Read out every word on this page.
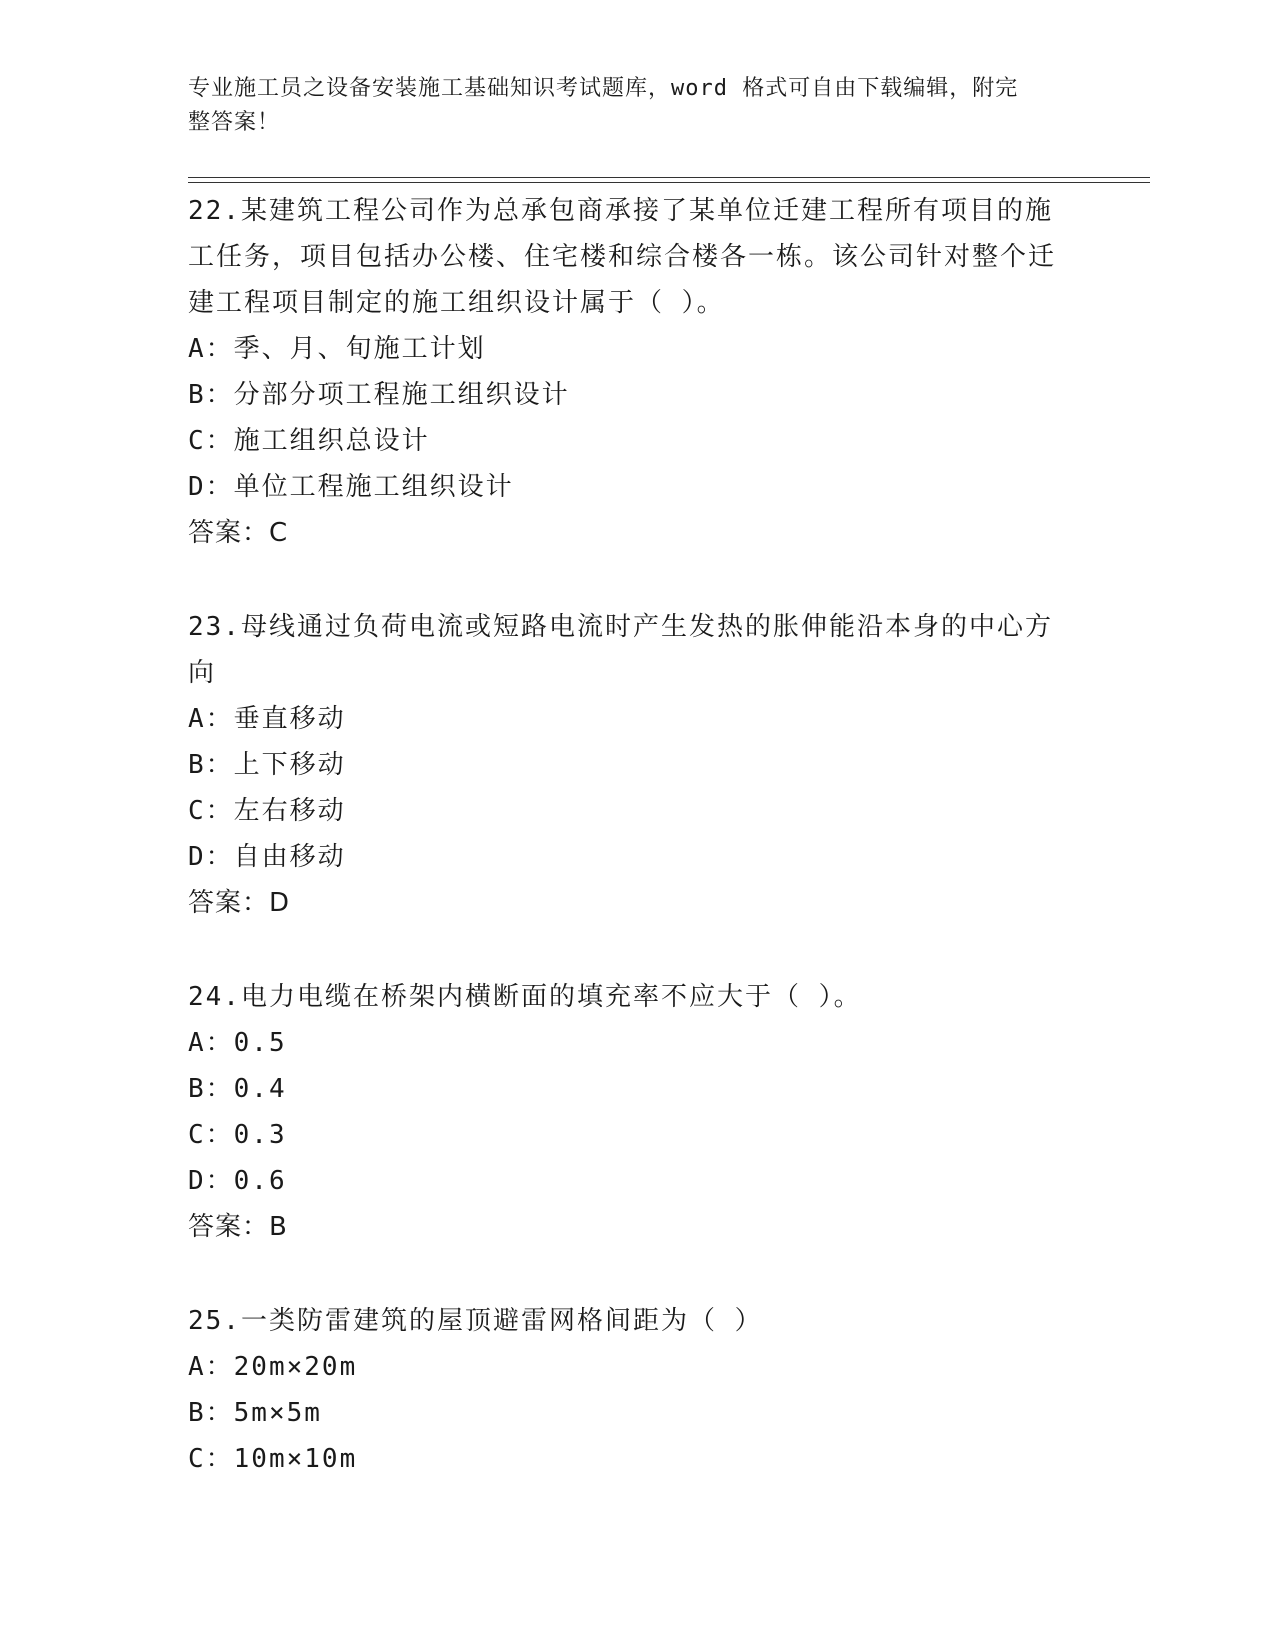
专业施工员之设备安装施工基础知识考试题库，word 格式可自由下载编辑，附完
整答案！

22.某建筑工程公司作为总承包商承接了某单位迁建工程所有项目的施工任务，项目包括办公楼、住宅楼和综合楼各一栋。该公司针对整个迁建工程项目制定的施工组织设计属于（ ）。

A：季、月、旬施工计划
B：分部分项工程施工组织设计
C：施工组织总设计
D：单位工程施工组织设计
答案：C

23.母线通过负荷电流或短路电流时产生发热的胀伸能沿本身的中心方向

A：垂直移动
B：上下移动
C：左右移动
D：自由移动
答案：D

24.电力电缆在桥架内横断面的填充率不应大于（ ）。

A：0.5
B：0.4
C：0.3
D：0.6
答案：B

25.一类防雷建筑的屋顶避雷网格间距为（ ）

A：20m×20m
B：5m×5m
C：10m×10m
